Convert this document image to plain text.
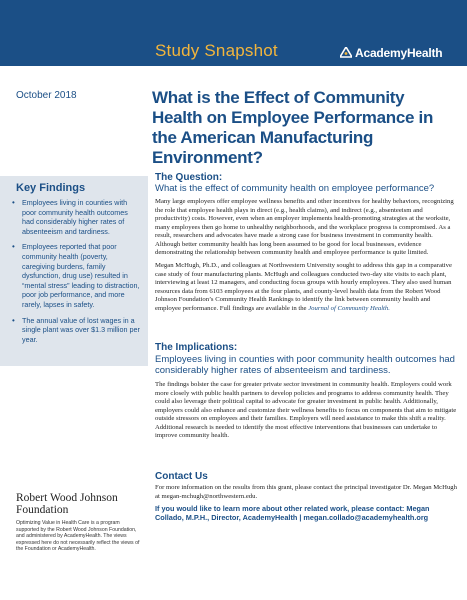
Study Snapshot	AcademyHealth
October 2018	What is the Effect of Community Health on Employee Performance in the American Manufacturing Environment?
Key Findings
• Employees living in counties with poor community health outcomes had considerably higher rates of absenteeism and tardiness.
• Employees reported that poor community health (poverty, caregiving burdens, family dysfunction, drug use) resulted in “mental stress” leading to distraction, poor job performance, and more rarely, lapses in safety.
• The annual value of lost wages in a single plant was over $1.3 million per year.
Robert Wood Johnson Foundation
Optimizing Value in Health Care is a program supported by the Robert Wood Johnson Foundation, and administered by AcademyHealth. The views expressed here do not necessarily reflect the views of the Foundation or AcademyHealth.
The Question:
What is the effect of community health on employee performance?

Many large employers offer employee wellness benefits and other incentives for healthy behaviors, recognizing the role that employee health plays in direct (e.g., health claims), and indirect (e.g., absenteeism and productivity) costs. However, even when an employer implements health-promoting strategies at the worksite, many employees then go home to unhealthy neighborhoods, and the workplace progress is compromised. As a result, researchers and advocates have made a strong case for business investment in community health. Although better community health has long been assumed to be good for local businesses, evidence demonstrating the relationship between community health and employee performance is quite limited.

Megan McHugh, Ph.D., and colleagues at Northwestern University sought to address this gap in a comparative case study of four manufacturing plants. McHugh and colleagues conducted two-day site visits to each plant, interviewing at least 12 managers, and conducting focus groups with hourly employees. They also used human resources data from 6103 employees at the four plants, and county-level health data from the Robert Wood Johnson Foundation’s Community Health Rankings to identify the link between community health and employee performance. Full findings are available in the Journal of Community Health.

The Implications:
Employees living in counties with poor community health outcomes had considerably higher rates of absenteeism and tardiness.

The findings bolster the case for greater private sector investment in community health. Employers could work more closely with public health partners to develop policies and programs to address community health. They could also leverage their political capital to advocate for greater investment in public health. Additionally, employers could also enhance and customize their wellness benefits to focus on components that aim to mitigate outside stressors on employees and their families. Employers will need assistance to make this shift a reality. Additional research is needed to identify the most effective interventions that businesses can undertake to improve community health.

Contact Us

For more information on the results from this grant, please contact the principal investigator Dr. Megan McHugh at megan-mchugh@northwestern.edu.

If you would like to learn more about other related work, please contact: Megan Collado, M.P.H., Director, AcademyHealth | megan.collado@academyhealth.org
